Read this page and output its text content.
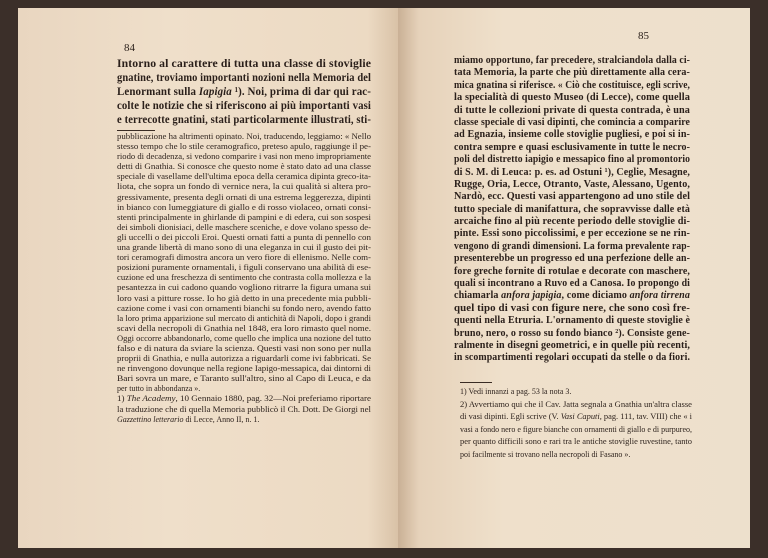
84
Intorno al carattere di tutta una classe di stoviglie
gnatine, troviamo importanti nozioni nella Memoria del
Lenormant sulla Iapigia ¹). Noi, prima di dar qui rac-
colte le notizie che si riferiscono ai più importanti vasi
e terrecotte gnatini, stati particolarmente illustrati, sti-
pubblicazione ha altrimenti opinato. Noi, traducendo, leggiamo: « Nello
stesso tempo che lo stile ceramografico, preteso apulo, raggiunge il pe-
riodo di decadenza, si vedono comparire i vasi non meno impropriamente
detti di Gnathia. Si conosce che questo nome è stato dato ad una classe
speciale di vasellame dell'ultima epoca della ceramica dipinta greco-ita-
liota, che sopra un fondo di vernice nera, la cui qualità si altera pro-
gressivamente, presenta degli ornati di una estrema leggerezza, dipinti
in bianco con lumeggiature di giallo e di rosso violaceo, ornati consi-
stenti principalmente in ghirlande di pampini e di edera, cui son sospesi
dei simboli dionisiaci, delle maschere sceniche, e dove volano spesso de-
gli uccelli o dei piccoli Eroi. Questi ornati fatti a punta di pennello con
una grande libertà di mano sono di una eleganza in cui il gusto dei pit-
tori ceramografi dimostra ancora un vero fiore di ellenismo. Nelle com-
posizioni puramente ornamentali, i figuli conservano una abilità di ese-
cuzione ed una freschezza di sentimento che contrasta colla mollezza e la
pesantezza in cui cadono quando vogliono ritrarre la figura umana sui
loro vasi a pitture rosse. Io ho già detto in una precedente mia pubbli-
cazione come i vasi con ornamenti bianchi su fondo nero, avendo fatto
la loro prima apparizione sul mercato di antichità di Napoli, dopo i grandi
scavi della necropoli di Gnathia nel 1848, era loro rimasto quel nome.
Oggi occorre abbandonarlo, come quello che implica una nozione del tutto
falso e di natura da sviare la scienza. Questi vasi non sono per nulla
proprii di Gnathia, e nulla autorizza a riguardarli come ivi fabbricati. Se
ne rinvengono dovunque nella regione Iapigo-messapica, dai dintorni di
Bari sovra un mare, e Taranto sull'altro, sino al Capo di Leuca, e da
per tutto in abbondanza ».
1) The Academy, 10 Gennaio 1880, pag. 32—Noi preferiamo riportare
la traduzione che di quella Memoria pubblicò il Ch. Dott. De Giorgi nel
Gazzettino letterario di Lecce, Anno II, n. 1.
85
miamo opportuno, far precedere, stralciandola dalla ci-
tata Memoria, la parte che più direttamente alla cera-
mica gnatina si riferisce. « Ciò che costituisce, egli scrive,
la specialità di questo Museo (di Lecce), come quella
di tutte le collezioni private di questa contrada, è una
classe speciale di vasi dipinti, che comincia a comparire
ad Egnazia, insieme colle stoviglie pugliesi, e poi si in-
contra sempre e quasi esclusivamente in tutte le necro-
poli del distretto iapigio e messapico fino al promontorio
di S. M. di Leuca: p. es. ad Ostuni ¹), Ceglie, Mesagne,
Rugge, Oria, Lecce, Otranto, Vaste, Alessano, Ugento,
Nardò, ecc. Questi vasi appartengono ad uno stile del
tutto speciale di manifattura, che sopravvisse dalle età
arcaiche fino al più recente periodo delle stoviglie di-
pinte. Essi sono piccolissimi, e per eccezione se ne rin-
vengono di grandi dimensioni. La forma prevalente rap-
presenterebbe un progresso ed una perfezione delle an-
fore greche fornite di rotulae e decorate con maschere,
quali si incontrano a Ruvo ed a Canosa. Io propongo di
chiamarla anfora japigia, come diciamo anfora tirrena
quel tipo di vasi con figure nere, che sono così fre-
quenti nella Etruria. L'ornamento di queste stoviglie è
bruno, nero, o rosso su fondo bianco ²). Consiste gene-
ralmente in disegni geometrici, e in quelle più recenti,
in scompartimenti regolari occupati da stelle o da fiori.
1) Vedi innanzi a pag. 53 la nota 3.
2) Avvertiamo qui che il Cav. Jatta segnala a Gnathia un'altra classe
di vasi dipinti. Egli scrive (V. Vasi Caputi, pag. 111, tav. VIII) che « i
vasi a fondo nero e figure bianche con ornamenti di giallo e di purpureo,
per quanto difficili sono e rari tra le antiche stoviglie ruvestine, tanto
poi facilmente si trovano nella necropoli di Fasano ».
